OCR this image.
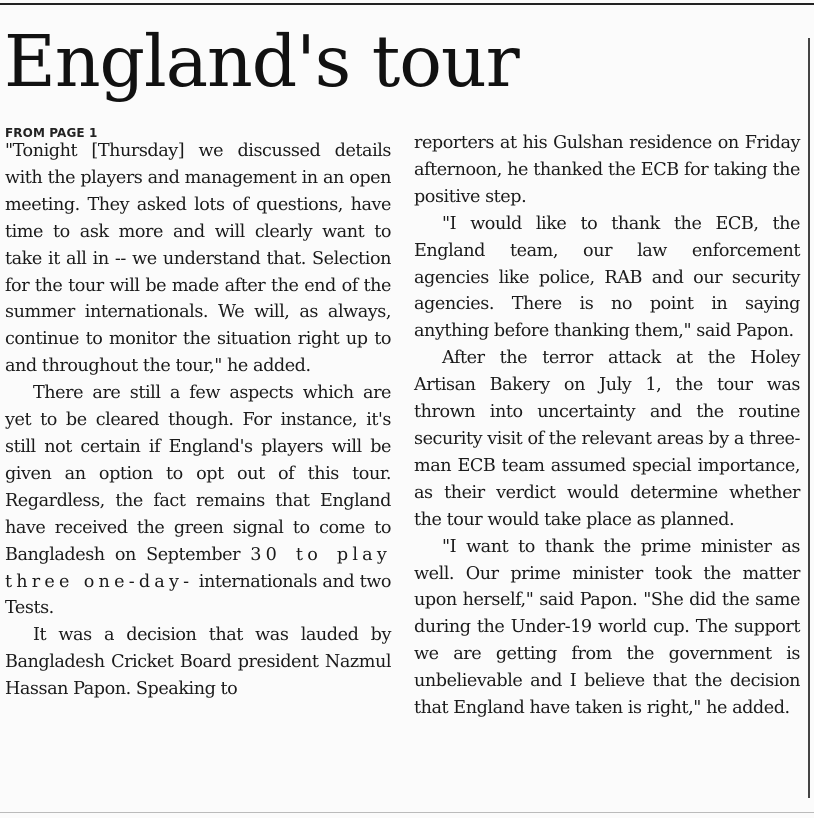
England's tour
FROM PAGE 1

"Tonight [Thursday] we discussed details with the players and management in an open meeting. They asked lots of questions, have time to ask more and will clearly want to take it all in -- we understand that. Selection for the tour will be made after the end of the summer internationals. We will, as always, continue to monitor the situation right up to and throughout the tour," he added.

There are still a few aspects which are yet to be cleared though. For instance, it's still not certain if England's players will be given an option to opt out of this tour. Regardless, the fact remains that England have received the green signal to come to Bangladesh on September 30 to play three one-day- internationals and two Tests.

It was a decision that was lauded by Bangladesh Cricket Board president Nazmul Hassan Papon. Speaking to

reporters at his Gulshan residence on Friday afternoon, he thanked the ECB for taking the positive step.

"I would like to thank the ECB, the England team, our law enforcement agencies like police, RAB and our security agencies. There is no point in saying anything before thanking them," said Papon.

After the terror attack at the Holey Artisan Bakery on July 1, the tour was thrown into uncertainty and the routine security visit of the relevant areas by a three-man ECB team assumed special importance, as their verdict would determine whether the tour would take place as planned.

"I want to thank the prime minister as well. Our prime minister took the matter upon herself," said Papon. "She did the same during the Under-19 world cup. The support we are getting from the government is unbelievable and I believe that the decision that England have taken is right," he added.
